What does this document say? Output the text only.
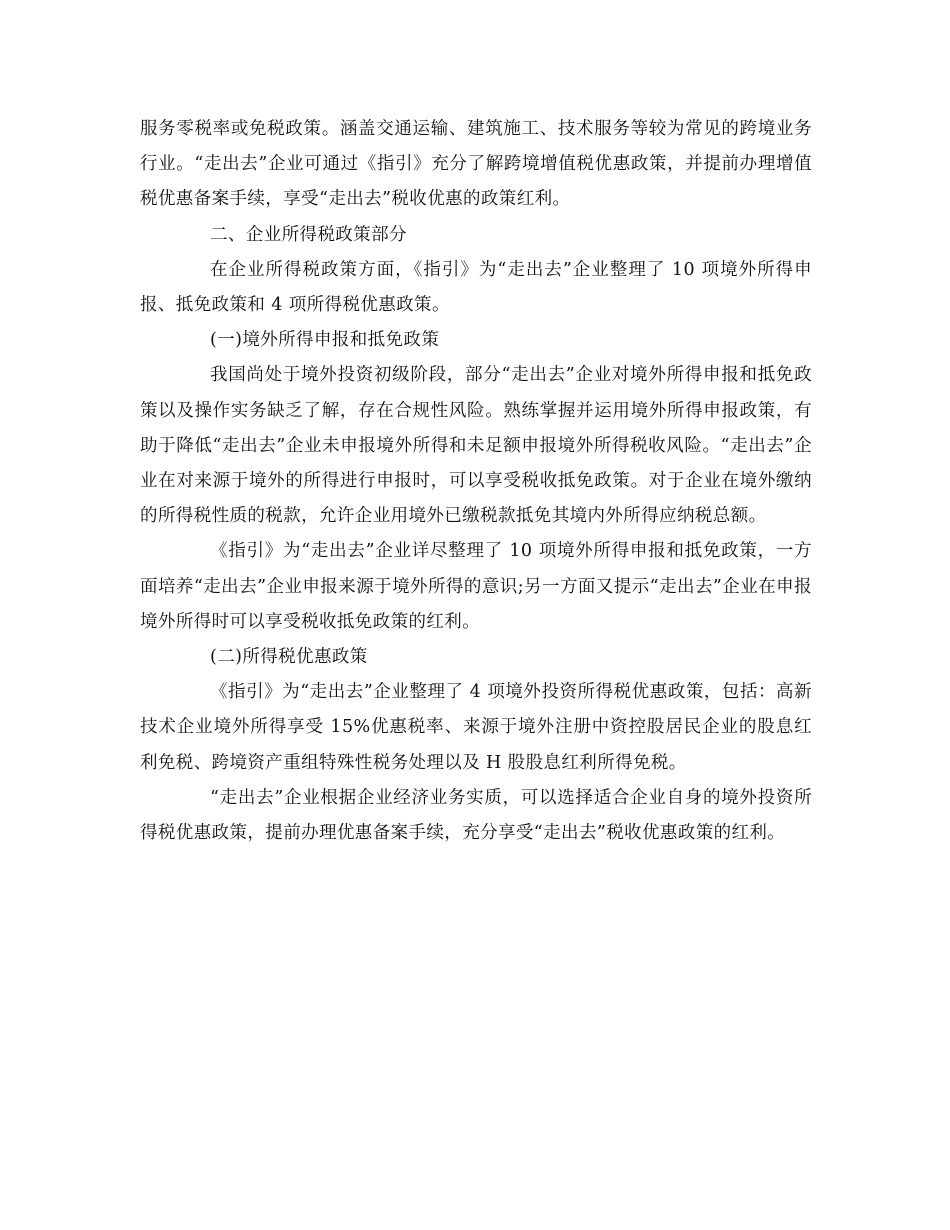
服务零税率或免税政策。涵盖交通运输、建筑施工、技术服务等较为常见的跨境业务行业。“走出去”企业可通过《指引》充分了解跨境增值税优惠政策，并提前办理增值税优惠备案手续，享受“走出去”税收优惠的政策红利。

二、企业所得税政策部分

在企业所得税政策方面，《指引》为“走出去”企业整理了 10 项境外所得申报、抵免政策和 4 项所得税优惠政策。

(一)境外所得申报和抵免政策

我国尚处于境外投资初级阶段，部分“走出去”企业对境外所得申报和抵免政策以及操作实务缺乏了解，存在合规性风险。熟练掌握并运用境外所得申报政策，有助于降低“走出去”企业未申报境外所得和未足额申报境外所得税收风险。“走出去”企业在对来源于境外的所得进行申报时，可以享受税收抵免政策。对于企业在境外缴纳的所得税性质的税款，允许企业用境外已缴税款抵免其境内外所得应纳税总额。

《指引》为“走出去”企业详尽整理了 10 项境外所得申报和抵免政策，一方面培养“走出去”企业申报来源于境外所得的意识;另一方面又提示“走出去”企业在申报境外所得时可以享受税收抵免政策的红利。

(二)所得税优惠政策

《指引》为“走出去”企业整理了 4 项境外投资所得税优惠政策，包括：高新技术企业境外所得享受 15%优惠税率、来源于境外注册中资控股居民企业的股息红利免税、跨境资产重组特殊性税务处理以及 H 股股息红利所得免税。

“走出去”企业根据企业经济业务实质，可以选择适合企业自身的境外投资所得税优惠政策，提前办理优惠备案手续，充分享受“走出去”税收优惠政策的红利。
